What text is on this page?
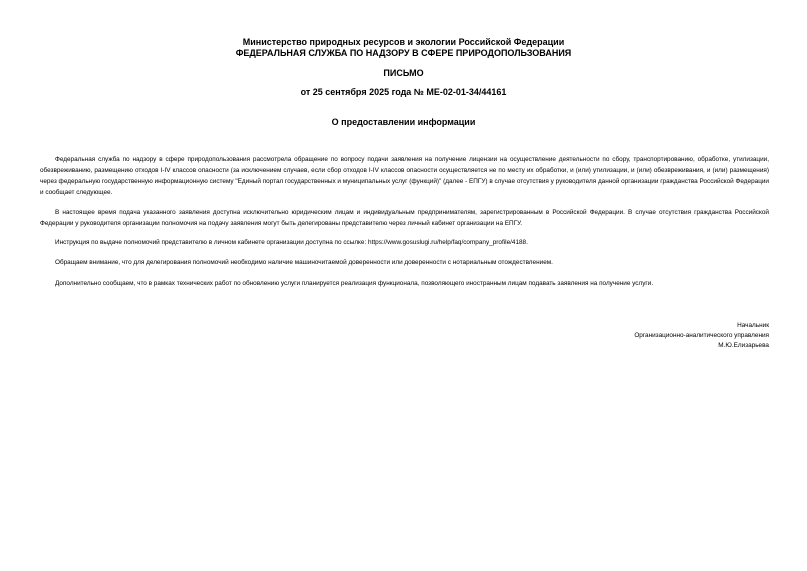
Министерство природных ресурсов и экологии Российской Федерации
ФЕДЕРАЛЬНАЯ СЛУЖБА ПО НАДЗОРУ В СФЕРЕ ПРИРОДОПОЛЬЗОВАНИЯ
ПИСЬМО
от 25 сентября 2025 года № МЕ-02-01-34/44161
О предоставлении информации
Федеральная служба по надзору в сфере природопользования рассмотрела обращение по вопросу подачи заявления на получение лицензии на осуществление деятельности по сбору, транспортированию, обработке, утилизации, обезвреживанию, размещению отходов I-IV классов опасности (за исключением случаев, если сбор отходов I-IV классов опасности осуществляется не по месту их обработки, и (или) утилизации, и (или) обезвреживания, и (или) размещения) через федеральную государственную информационную систему "Единый портал государственных и муниципальных услуг (функций)" (далее - ЕПГУ) в случае отсутствия у руководителя данной организации гражданства Российской Федерации и сообщает следующее.
В настоящее время подача указанного заявления доступна исключительно юридическим лицам и индивидуальным предпринимателям, зарегистрированным в Российской Федерации. В случае отсутствия гражданства Российской Федерации у руководителя организации полномочия на подачу заявления могут быть делегированы представителю через личный кабинет организации на ЕПГУ.
Инструкция по выдаче полномочий представителю в личном кабинете организации доступна по ссылке: https://www.gosuslugi.ru/help/faq/company_profile/4188.
Обращаем внимание, что для делегирования полномочий необходимо наличие машиночитаемой доверенности или доверенности с нотариальным отождествлением.
Дополнительно сообщаем, что в рамках технических работ по обновлению услуги планируется реализация функционала, позволяющего иностранным лицам подавать заявления на получение услуги.
Начальник
Организационно-аналитического управления
М.Ю.Елизарьева
